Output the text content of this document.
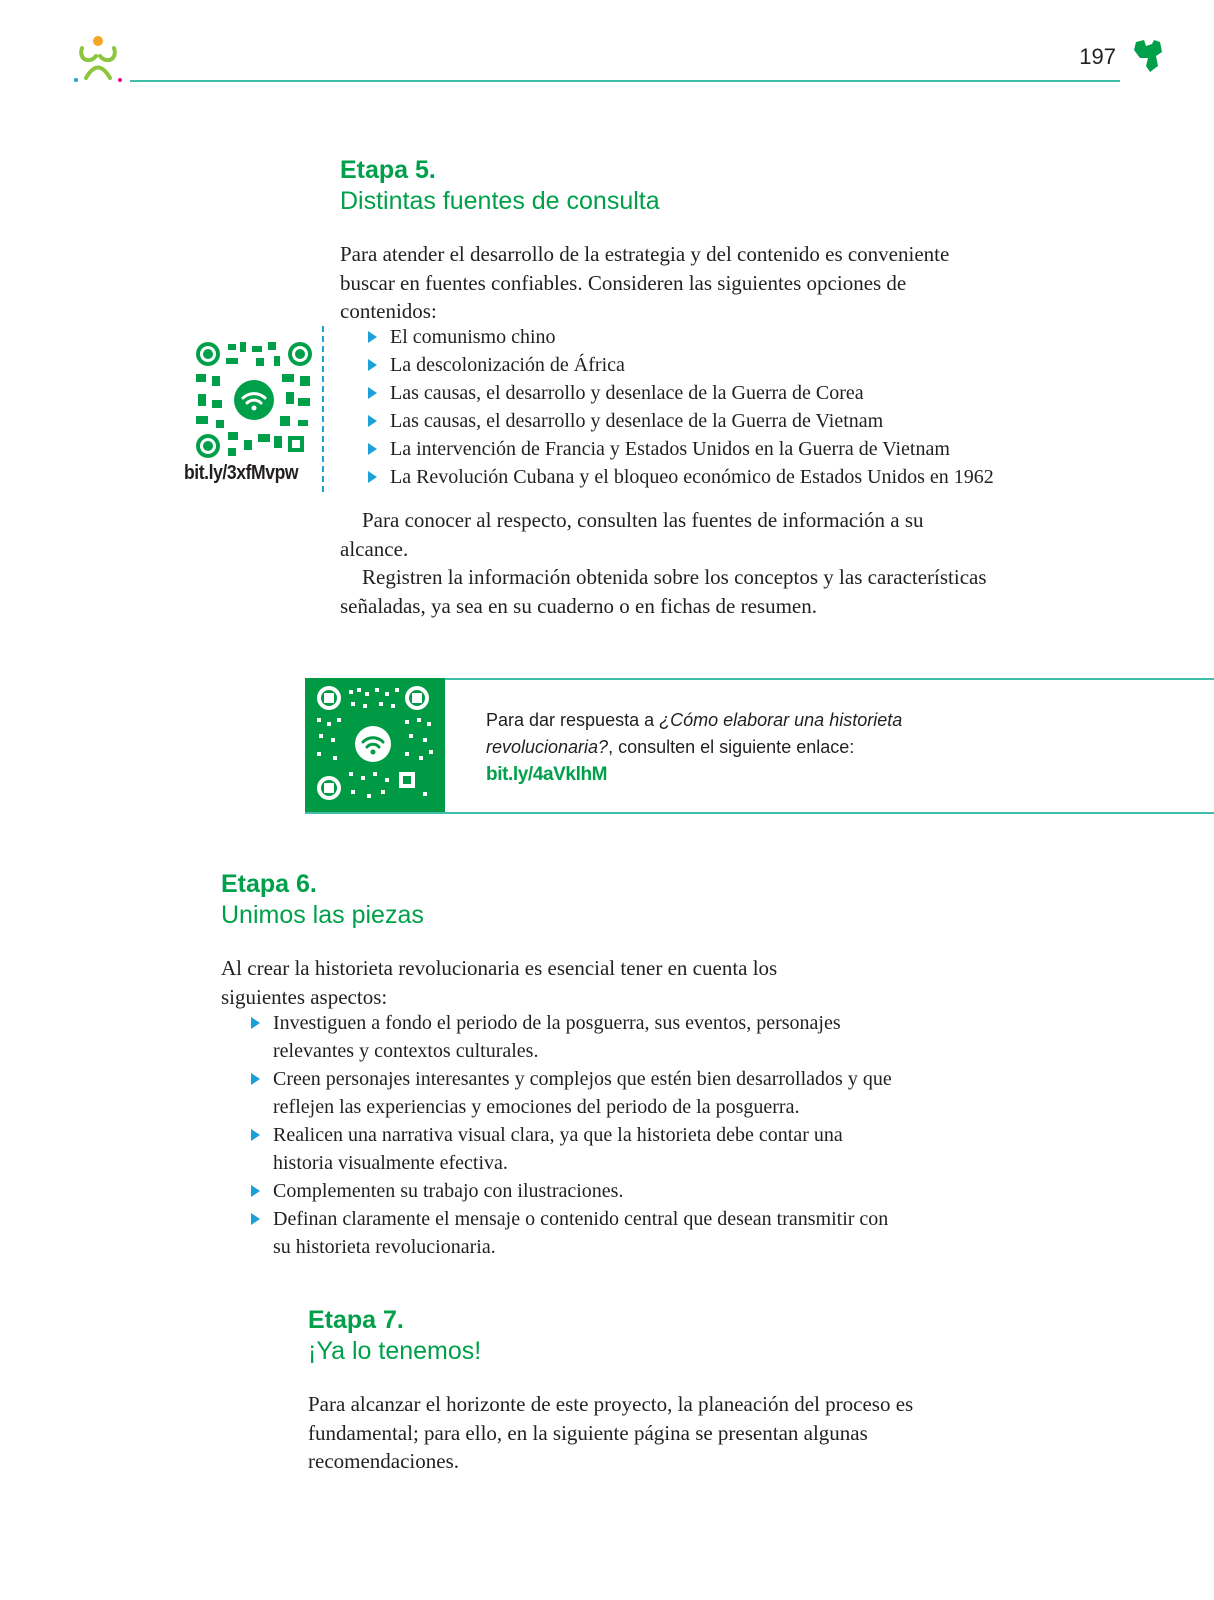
197
Etapa 5.
Distintas fuentes de consulta

Para atender el desarrollo de la estrategia y del contenido es conveniente buscar en fuentes confiables. Consideren las siguientes opciones de contenidos:

El comunismo chino
La descolonización de África
Las causas, el desarrollo y desenlace de la Guerra de Corea
Las causas, el desarrollo y desenlace de la Guerra de Vietnam
La intervención de Francia y Estados Unidos en la Guerra de Vietnam
La Revolución Cubana y el bloqueo económico de Estados Unidos en 1962
bit.ly/3xfMvpw

Para conocer al respecto, consulten las fuentes de información a su alcance.

Registren la información obtenida sobre los conceptos y las características señaladas, ya sea en su cuaderno o en fichas de resumen.

Para dar respuesta a ¿Cómo elaborar una historieta revolucionaria?, consulten el siguiente enlace:
bit.ly/4aVklhM
Etapa 6.
Unimos las piezas

Al crear la historieta revolucionaria es esencial tener en cuenta los siguientes aspectos:

Investiguen a fondo el periodo de la posguerra, sus eventos, personajes relevantes y contextos culturales.
Creen personajes interesantes y complejos que estén bien desarrollados y que reflejen las experiencias y emociones del periodo de la posguerra.
Realicen una narrativa visual clara, ya que la historieta debe contar una historia visualmente efectiva.
Complementen su trabajo con ilustraciones.
Definan claramente el mensaje o contenido central que desean transmitir con su historieta revolucionaria.
Etapa 7.
¡Ya lo tenemos!

Para alcanzar el horizonte de este proyecto, la planeación del proceso es fundamental; para ello, en la siguiente página se presentan algunas recomendaciones.
